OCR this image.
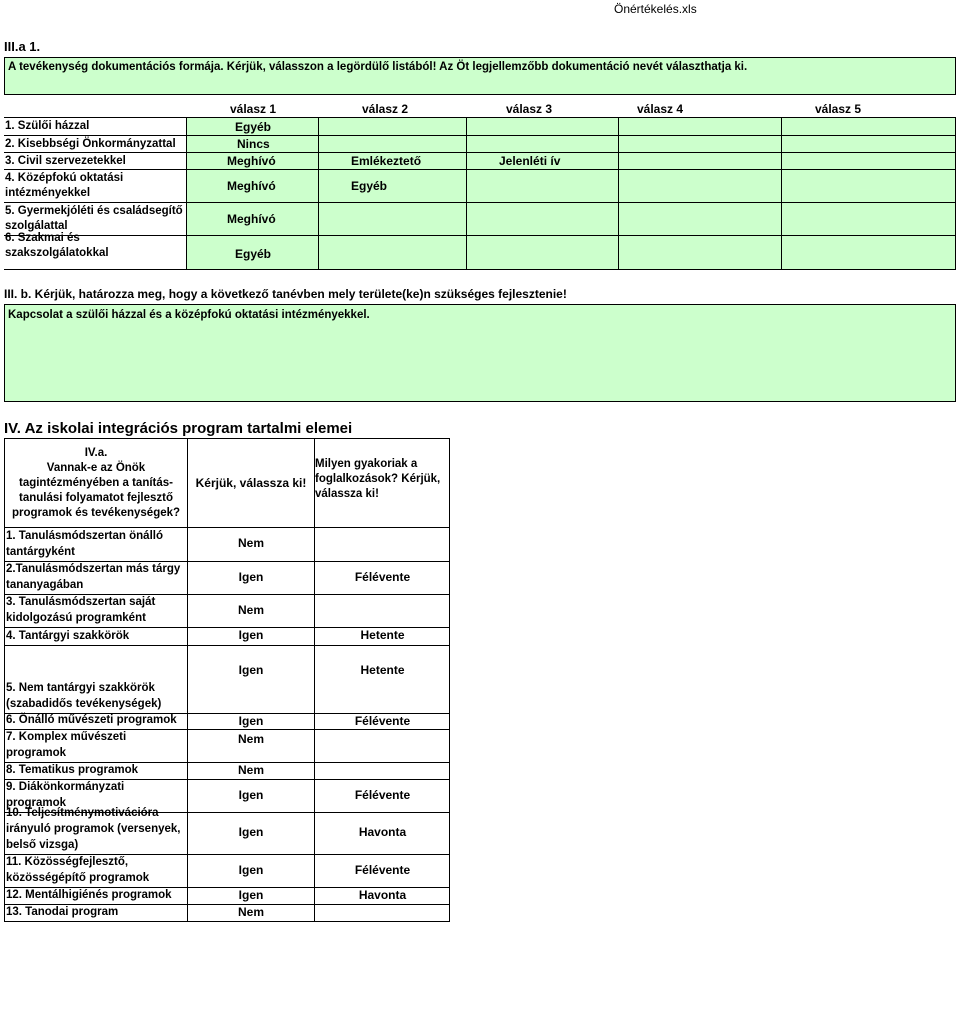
Önértékelés.xls
III.a 1.
A tevékenység dokumentációs formája. Kérjük, válasszon a legördülő listából! Az Öt legjellemzőbb dokumentáció nevét választhatja ki.
válasz 1	válasz 2	válasz 3	válasz 4	válasz 5
1. Szülői házzal	Egyéb
2. Kisebbségi Önkormányzattal	Nincs
3. Civil szervezetekkel	Meghívó	Emlékeztető	Jelenléti ív
4. Középfokú oktatási intézményekkel	Meghívó	Egyéb
5. Gyermekjóléti és családsegítő szolgálattal	Meghívó
6. Szakmai és szakszolgálatokkal	Egyéb
III. b. Kérjük, határozza meg, hogy a következő tanévben mely területe(ke)n szükséges fejlesztenie!
Kapcsolat a szülői házzal és a középfokú oktatási intézményekkel.
IV. Az iskolai integrációs program tartalmi elemei
IV.a.
Vannak-e az Önök
tagintézményében a tanítás-
tanulási folyamatot fejlesztő
programok és tevékenységek?
Kérjük, válassza ki!
Milyen gyakoriak a foglalkozások? Kérjük, válassza ki!
1. Tanulásmódszertan önálló tantárgyként
Nem
2.Tanulásmódszertan más tárgy tananyagában
Igen	Félévente
3. Tanulásmódszertan saját kidolgozású programként
Nem
4. Tantárgyi szakkörök	Igen	Hetente
5. Nem tantárgyi szakkörök (szabadidős tevékenységek)
Igen	Hetente
6. Önálló művészeti programok	Igen	Félévente
7. Komplex művészeti programok
Nem
8. Tematikus programok	Nem
9. Diákönkormányzati programok
Igen	Félévente
10. Teljesítménymotivációra irányuló programok (versenyek, belső vizsga)
Igen	Havonta
11. Közösségfejlesztő, közösségépítő programok
Igen	Félévente
12. Mentálhigiénés programok	Igen	Havonta
13. Tanodai program	Nem
